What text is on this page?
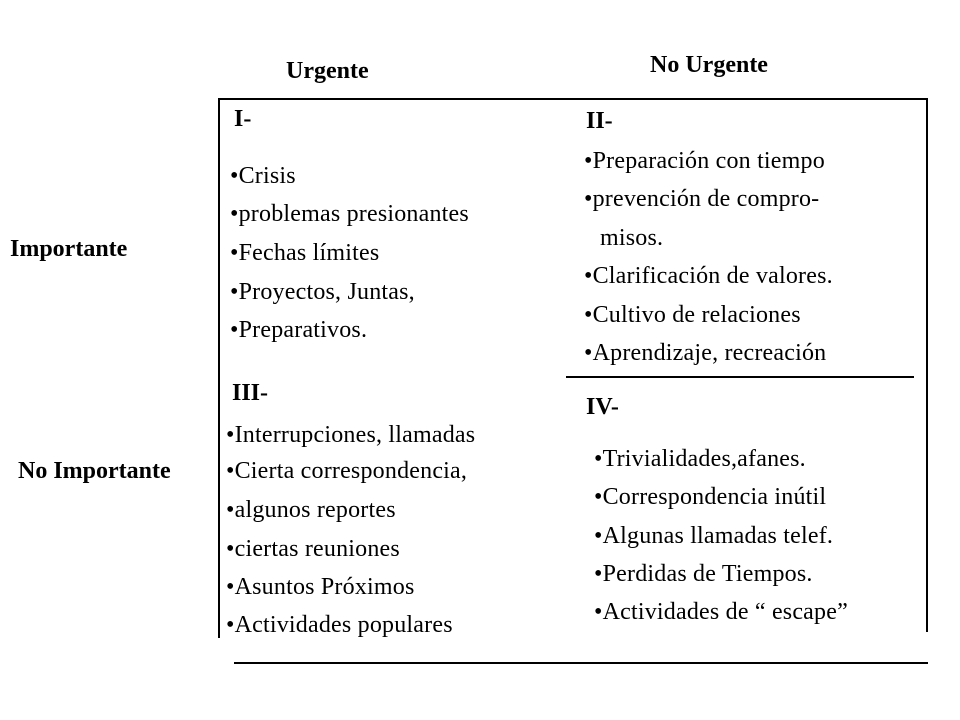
Urgente	No Urgente
Importante
No Importante
I-
•Crisis
•problemas presionantes
•Fechas límites
•Proyectos, Juntas,
•Preparativos.
II-
•Preparación con tiempo
•prevención de compro-
misos.
•Clarificación de valores.
•Cultivo de relaciones
•Aprendizaje, recreación
III-
•Interrupciones, llamadas
•Cierta correspondencia,
•algunos reportes
•ciertas reuniones
•Asuntos Próximos
•Actividades populares
IV-
•Trivialidades,afanes.
•Correspondencia inútil
•Algunas llamadas telef.
•Perdidas de Tiempos.
•Actividades de “ escape”
